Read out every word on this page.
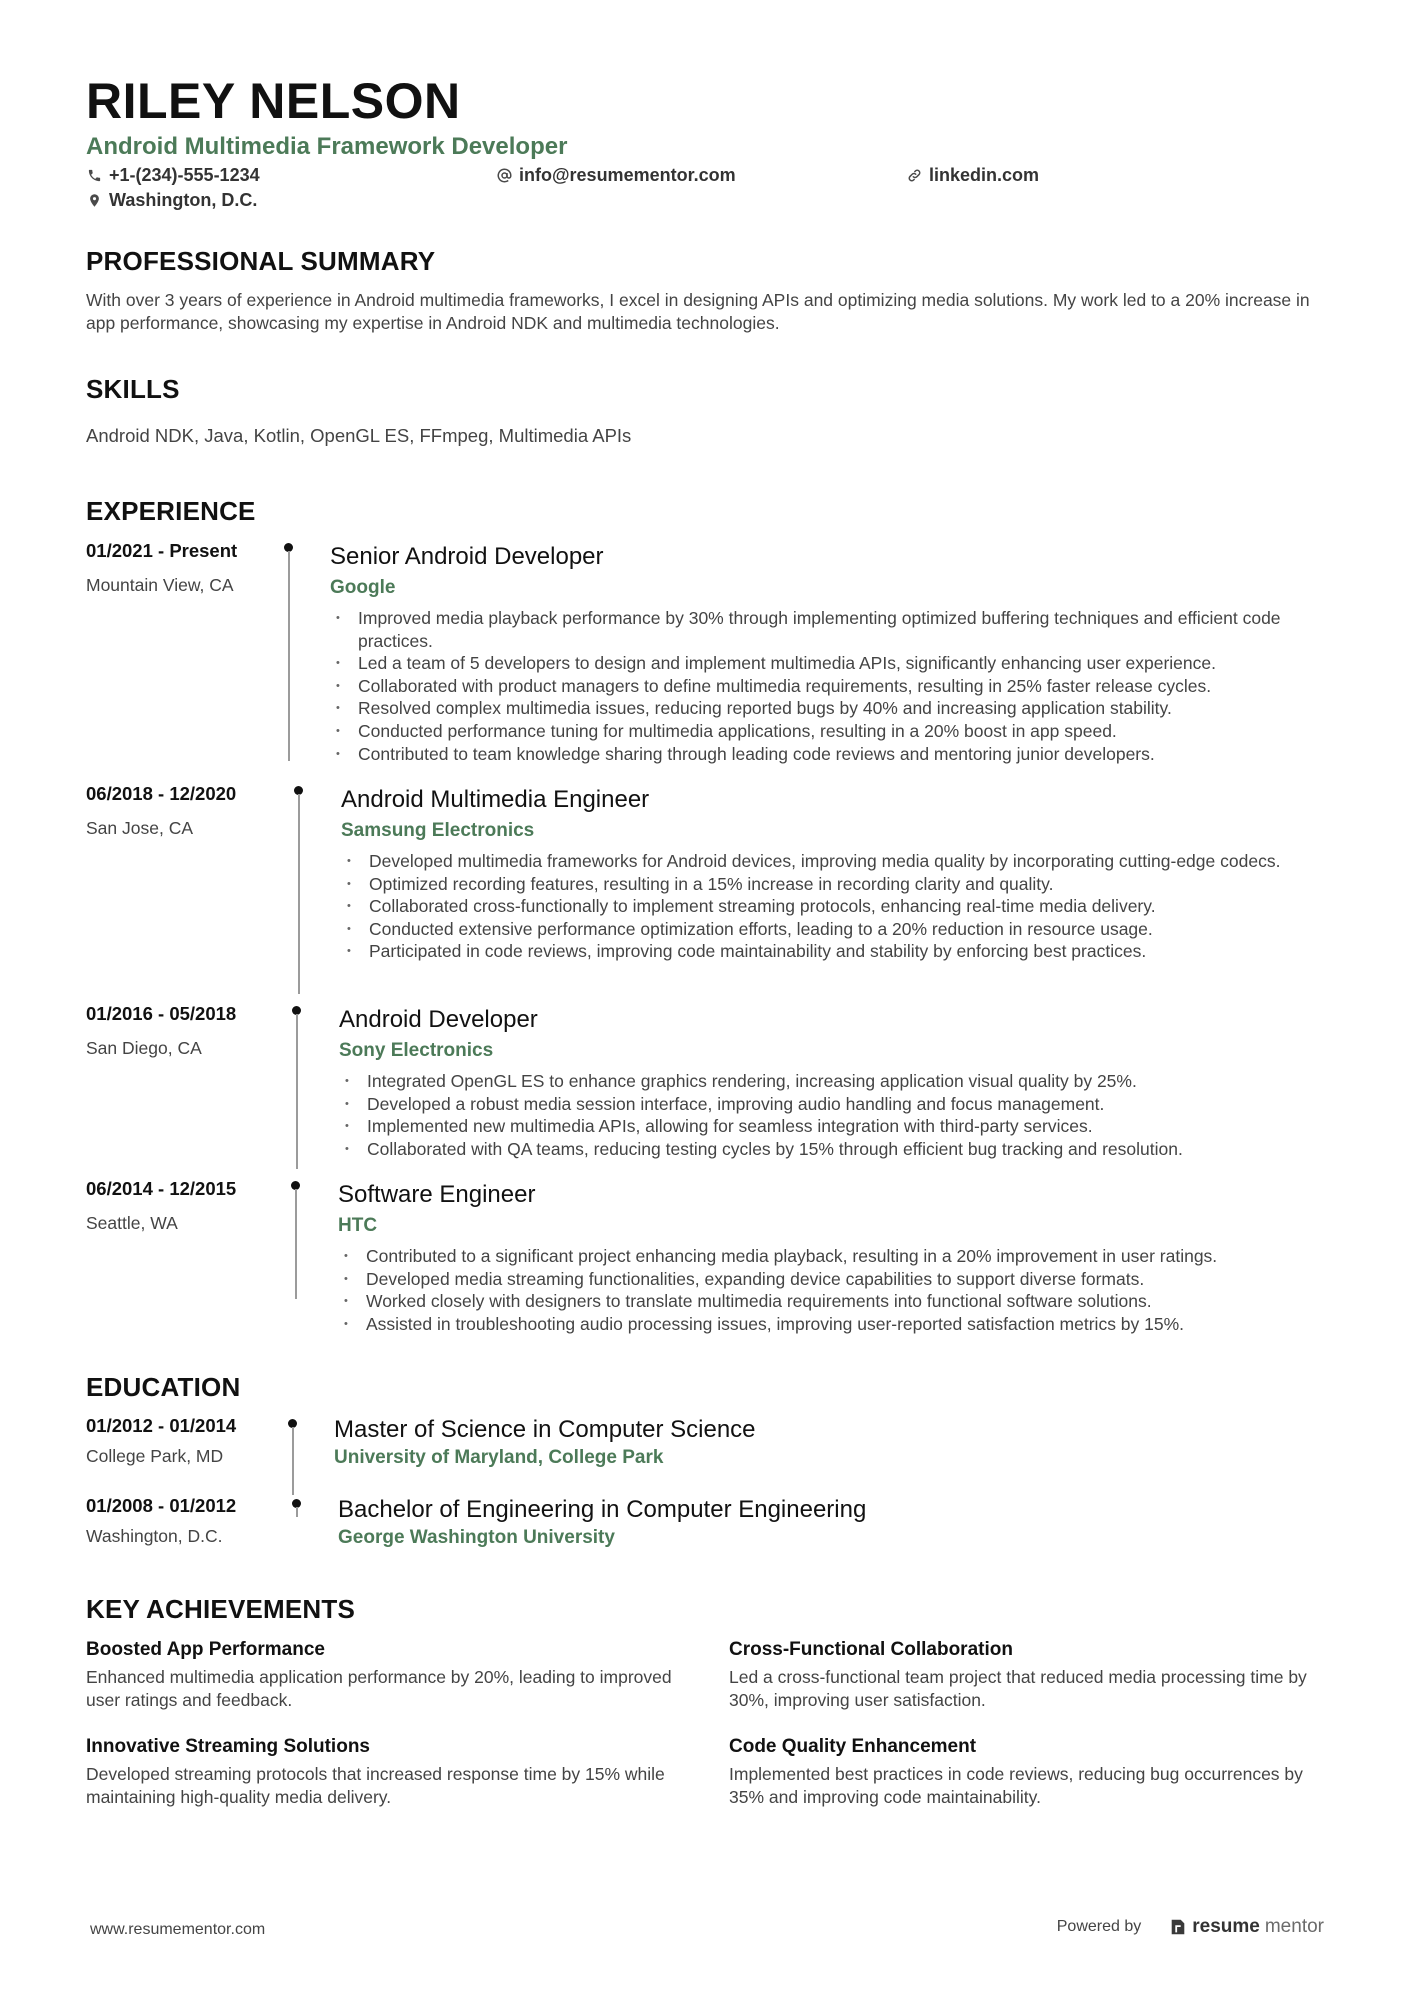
RILEY NELSON
Android Multimedia Framework Developer
+1-(234)-555-1234	info@resumementor.com	linkedin.com
Washington, D.C.
PROFESSIONAL SUMMARY
With over 3 years of experience in Android multimedia frameworks, I excel in designing APIs and optimizing media solutions. My work led to a 20% increase in app performance, showcasing my expertise in Android NDK and multimedia technologies.
SKILLS
Android NDK, Java, Kotlin, OpenGL ES, FFmpeg, Multimedia APIs
EXPERIENCE
01/2021 - Present
Mountain View, CA
Senior Android Developer
Google
• Improved media playback performance by 30% through implementing optimized buffering techniques and efficient code practices.
• Led a team of 5 developers to design and implement multimedia APIs, significantly enhancing user experience.
• Collaborated with product managers to define multimedia requirements, resulting in 25% faster release cycles.
• Resolved complex multimedia issues, reducing reported bugs by 40% and increasing application stability.
• Conducted performance tuning for multimedia applications, resulting in a 20% boost in app speed.
• Contributed to team knowledge sharing through leading code reviews and mentoring junior developers.
06/2018 - 12/2020
San Jose, CA
Android Multimedia Engineer
Samsung Electronics
• Developed multimedia frameworks for Android devices, improving media quality by incorporating cutting-edge codecs.
• Optimized recording features, resulting in a 15% increase in recording clarity and quality.
• Collaborated cross-functionally to implement streaming protocols, enhancing real-time media delivery.
• Conducted extensive performance optimization efforts, leading to a 20% reduction in resource usage.
• Participated in code reviews, improving code maintainability and stability by enforcing best practices.
01/2016 - 05/2018
San Diego, CA
Android Developer
Sony Electronics
• Integrated OpenGL ES to enhance graphics rendering, increasing application visual quality by 25%.
• Developed a robust media session interface, improving audio handling and focus management.
• Implemented new multimedia APIs, allowing for seamless integration with third-party services.
• Collaborated with QA teams, reducing testing cycles by 15% through efficient bug tracking and resolution.
06/2014 - 12/2015
Seattle, WA
Software Engineer
HTC
• Contributed to a significant project enhancing media playback, resulting in a 20% improvement in user ratings.
• Developed media streaming functionalities, expanding device capabilities to support diverse formats.
• Worked closely with designers to translate multimedia requirements into functional software solutions.
• Assisted in troubleshooting audio processing issues, improving user-reported satisfaction metrics by 15%.
EDUCATION
01/2012 - 01/2014
College Park, MD
Master of Science in Computer Science
University of Maryland, College Park
01/2008 - 01/2012
Washington, D.C.
Bachelor of Engineering in Computer Engineering
George Washington University
KEY ACHIEVEMENTS
Boosted App Performance
Enhanced multimedia application performance by 20%, leading to improved user ratings and feedback.
Cross-Functional Collaboration
Led a cross-functional team project that reduced media processing time by 30%, improving user satisfaction.
Innovative Streaming Solutions
Developed streaming protocols that increased response time by 15% while maintaining high-quality media delivery.
Code Quality Enhancement
Implemented best practices in code reviews, reducing bug occurrences by 35% and improving code maintainability.
www.resumementor.com	Powered by	resume mentor
